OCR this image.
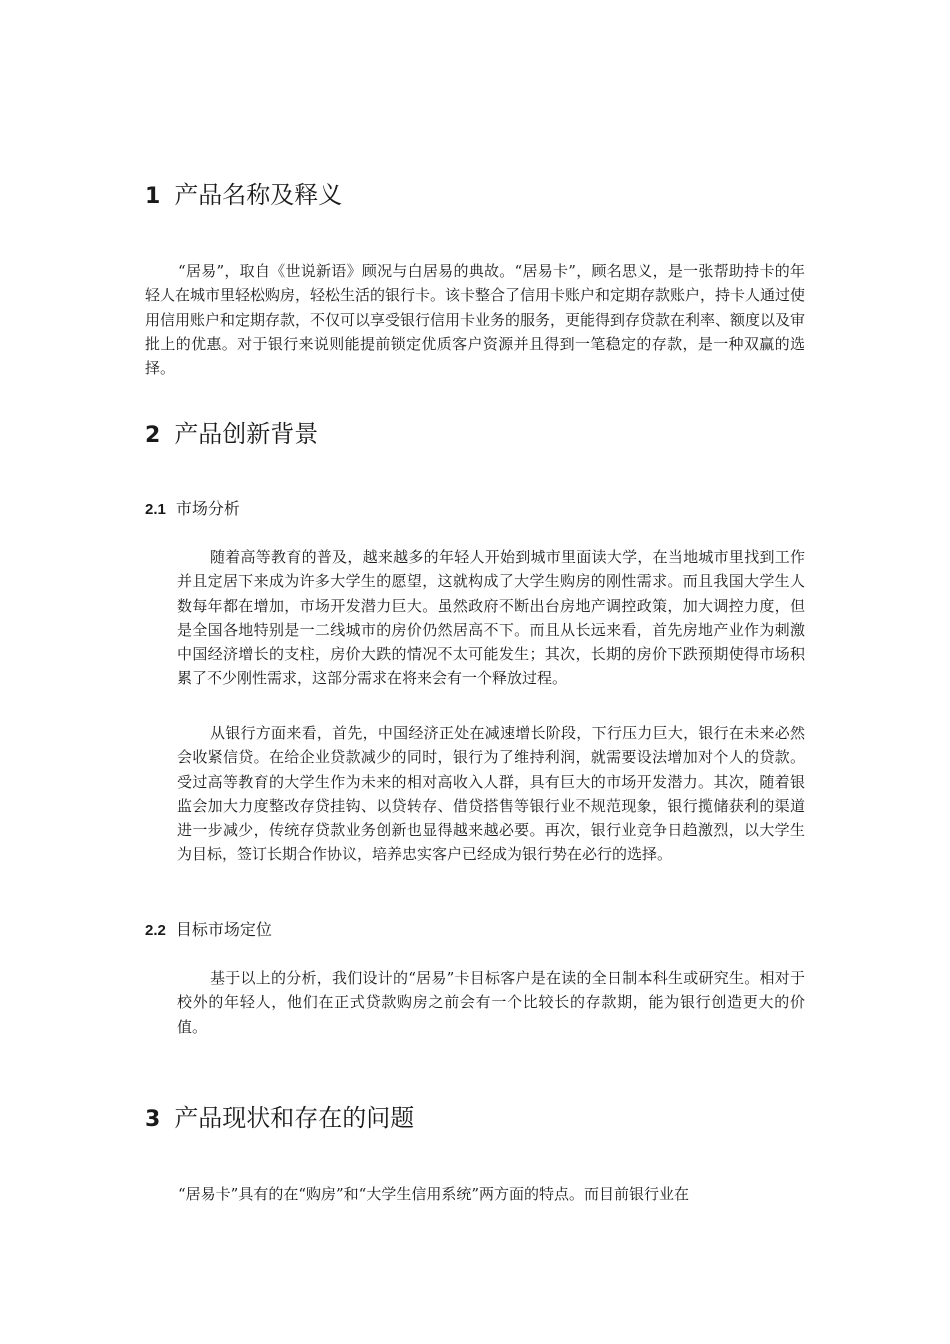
1 产品名称及释义

“居易”，取自《世说新语》顾况与白居易的典故。“居易卡”，顾名思义，是一张帮助持卡的年轻人在城市里轻松购房，轻松生活的银行卡。该卡整合了信用卡账户和定期存款账户，持卡人通过使用信用账户和定期存款，不仅可以享受银行信用卡业务的服务，更能得到存贷款在利率、额度以及审批上的优惠。对于银行来说则能提前锁定优质客户资源并且得到一笔稳定的存款，是一种双赢的选择。

2 产品创新背景
2.1 市场分析

随着高等教育的普及，越来越多的年轻人开始到城市里面读大学，在当地城市里找到工作并且定居下来成为许多大学生的愿望，这就构成了大学生购房的刚性需求。而且我国大学生人数每年都在增加，市场开发潜力巨大。虽然政府不断出台房地产调控政策，加大调控力度，但是全国各地特别是一二线城市的房价仍然居高不下。而且从长远来看，首先房地产业作为刺激中国经济增长的支柱，房价大跌的情况不太可能发生；其次，长期的房价下跌预期使得市场积累了不少刚性需求，这部分需求在将来会有一个释放过程。

从银行方面来看，首先，中国经济正处在减速增长阶段，下行压力巨大，银行在未来必然会收紧信贷。在给企业贷款减少的同时，银行为了维持利润，就需要设法增加对个人的贷款。受过高等教育的大学生作为未来的相对高收入人群，具有巨大的市场开发潜力。其次，随着银监会加大力度整改存贷挂钩、以贷转存、借贷搭售等银行业不规范现象，银行揽储获利的渠道进一步减少，传统存贷款业务创新也显得越来越必要。再次，银行业竞争日趋激烈，以大学生为目标，签订长期合作协议，培养忠实客户已经成为银行势在必行的选择。

2.2 目标市场定位

基于以上的分析，我们设计的“居易”卡目标客户是在读的全日制本科生或研究生。相对于校外的年轻人，他们在正式贷款购房之前会有一个比较长的存款期，能为银行创造更大的价值。

3 产品现状和存在的问题

“居易卡”具有的在“购房”和“大学生信用系统”两方面的特点。而目前银行业在
